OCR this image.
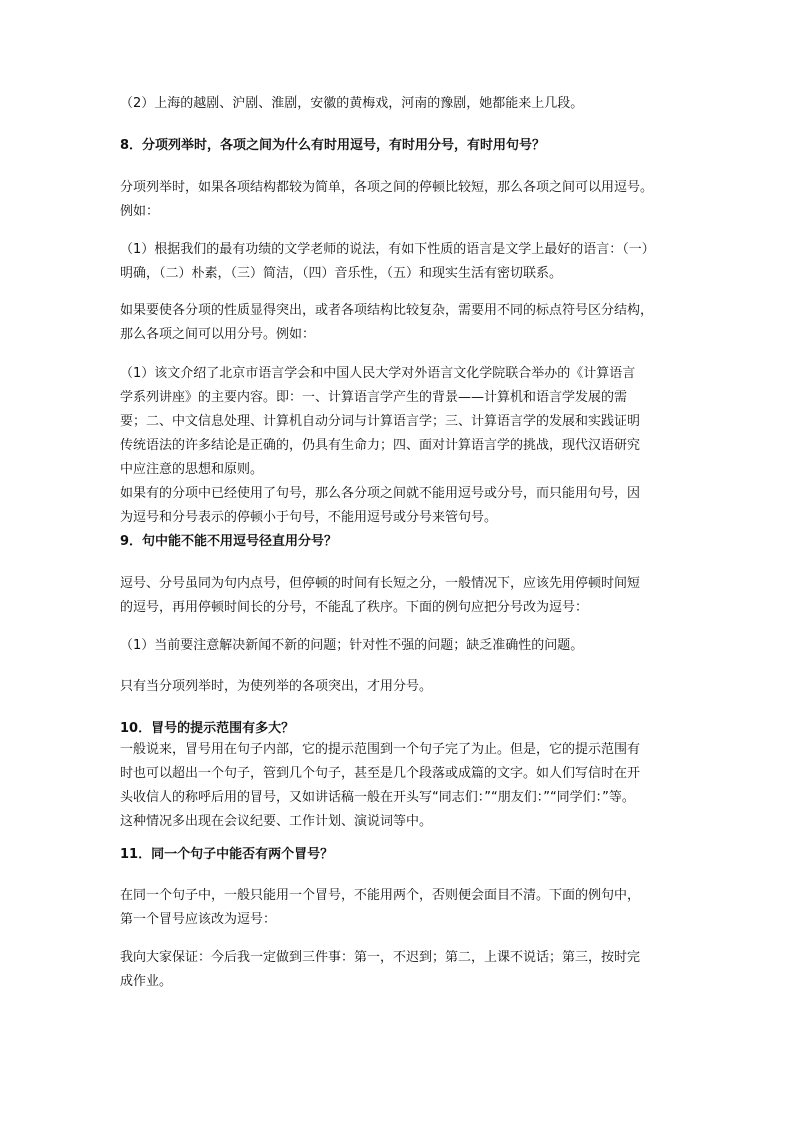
（2）上海的越剧、沪剧、淮剧，安徽的黄梅戏，河南的豫剧，她都能来上几段。
8．分项列举时，各项之间为什么有时用逗号，有时用分号，有时用句号？
分项列举时，如果各项结构都较为简单，各项之间的停顿比较短，那么各项之间可以用逗号。
例如：
（1）根据我们的最有功绩的文学老师的说法，有如下性质的语言是文学上最好的语言：（一）
明确，（二）朴素，（三）简洁，（四）音乐性，（五）和现实生活有密切联系。
如果要使各分项的性质显得突出，或者各项结构比较复杂，需要用不同的标点符号区分结构，
那么各项之间可以用分号。例如：
（1）该文介绍了北京市语言学会和中国人民大学对外语言文化学院联合举办的《计算语言
学系列讲座》的主要内容。即：一、计算语言学产生的背景——计算机和语言学发展的需
要；二、中文信息处理、计算机自动分词与计算语言学；三、计算语言学的发展和实践证明
传统语法的许多结论是正确的，仍具有生命力；四、面对计算语言学的挑战，现代汉语研究
中应注意的思想和原则。
如果有的分项中已经使用了句号，那么各分项之间就不能用逗号或分号，而只能用句号，因
为逗号和分号表示的停顿小于句号，不能用逗号或分号来管句号。
9．句中能不能不用逗号径直用分号？
逗号、分号虽同为句内点号，但停顿的时间有长短之分，一般情况下，应该先用停顿时间短
的逗号，再用停顿时间长的分号，不能乱了秩序。下面的例句应把分号改为逗号：
（1）当前要注意解决新闻不新的问题；针对性不强的问题；缺乏准确性的问题。
只有当分项列举时，为使列举的各项突出，才用分号。
10．冒号的提示范围有多大？
一般说来，冒号用在句子内部，它的提示范围到一个句子完了为止。但是，它的提示范围有
时也可以超出一个句子，管到几个句子，甚至是几个段落或成篇的文字。如人们写信时在开
头收信人的称呼后用的冒号，又如讲话稿一般在开头写“同志们：”“朋友们：”“同学们：”等。
这种情况多出现在会议纪要、工作计划、演说词等中。
11．同一个句子中能否有两个冒号？
在同一个句子中，一般只能用一个冒号，不能用两个，否则便会面目不清。下面的例句中，
第一个冒号应该改为逗号：
我向大家保证：今后我一定做到三件事：第一，不迟到；第二，上课不说话；第三，按时完
成作业。
